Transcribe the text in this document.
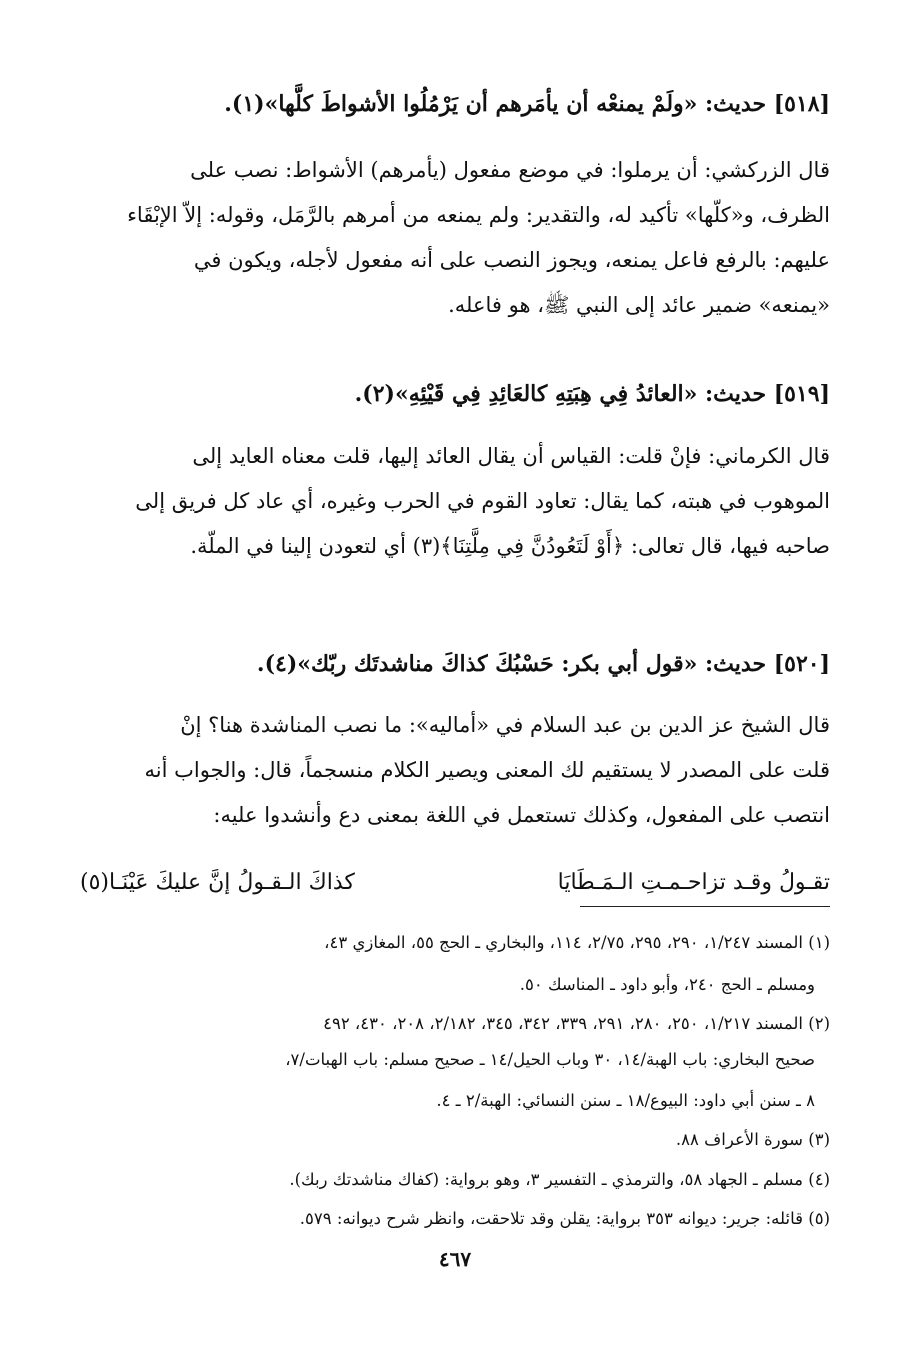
[٥١٨] حديث: «ولَمْ يمنعْه أن يأمَرهم أن يَرْمُلُوا الأشواطَ كلَّها»(١).
قال الزركشي: أن يرملوا: في موضع مفعول (يأمرهم) الأشواط: نصب على
الظرف، و«كلّها» تأكيد له، والتقدير: ولم يمنعه من أمرهم بالرَّمَل، وقوله: إلاّ الإبْقَاء
عليهم: بالرفع فاعل يمنعه، ويجوز النصب على أنه مفعول لأجله، ويكون في
«يمنعه» ضمير عائد إلى النبي ﷺ، هو فاعله.
[٥١٩] حديث: «العائدُ فِي هِبَتِهِ كالعَائِدِ فِي قَيْئِهِ»(٢).
قال الكرماني: فإنْ قلت: القياس أن يقال العائد إليها، قلت معناه العايد إلى
الموهوب في هبته، كما يقال: تعاود القوم في الحرب وغيره، أي عاد كل فريق إلى
صاحبه فيها، قال تعالى: ﴿أَوْ لَتَعُودُنَّ فِي مِلَّتِنَا﴾(٣) أي لتعودن إلينا في الملّة.
[٥٢٠] حديث: «قول أبي بكر: حَسْبُكَ كذاكَ مناشدتَك ربّك»(٤).
قال الشيخ عز الدين بن عبد السلام في «أماليه»: ما نصب المناشدة هنا؟ إنْ
قلت على المصدر لا يستقيم لك المعنى ويصير الكلام منسجماً، قال: والجواب أنه
انتصب على المفعول، وكذلك تستعمل في اللغة بمعنى دع وأنشدوا عليه:
تقـولُ وقـد تزاحـمـتِ الـمَـطَايَا
كذاكَ الـقـولُ إنَّ عليكَ عَيْنَـا(٥)
(١) المسند ١/٢٤٧، ٢٩٠، ٢٩٥، ٢/٧٥، ١١٤، والبخاري ـ الحج ٥٥، المغازي ٤٣،
ومسلم ـ الحج ٢٤٠، وأبو داود ـ المناسك ٥٠.
(٢) المسند ١/٢١٧، ٢٥٠، ٢٨٠، ٢٩١، ٣٣٩، ٣٤٢، ٣٤٥، ٢/١٨٢، ٢٠٨، ٤٣٠، ٤٩٢
صحيح البخاري: باب الهبة/١٤، ٣٠ وباب الحيل/١٤ ـ صحيح مسلم: باب الهبات/٧،
٨ ـ سنن أبي داود: البيوع/١٨ ـ سنن النسائي: الهبة/٢ ـ ٤.
(٣) سورة الأعراف ٨٨.
(٤) مسلم ـ الجهاد ٥٨، والترمذي ـ التفسير ٣، وهو برواية: (كفاك مناشدتك ربك).
(٥) قائله: جرير: ديوانه ٣٥٣ برواية: يقلن وقد تلاحقت، وانظر شرح ديوانه: ٥٧٩.
٤٦٧
